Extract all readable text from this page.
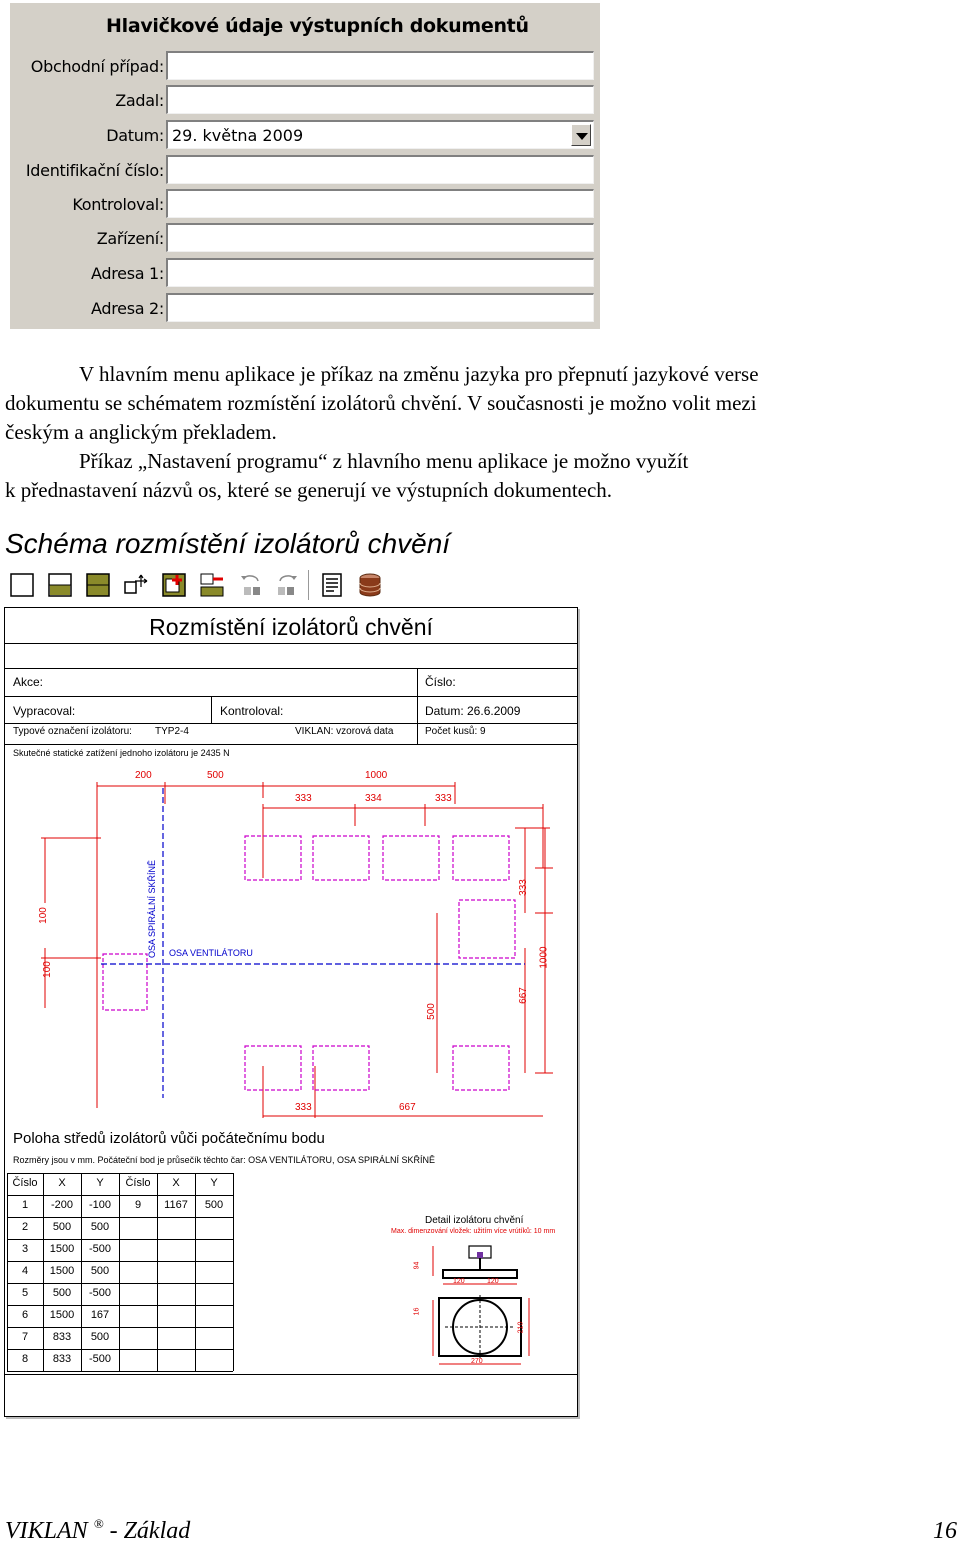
Hlavičkové údaje výstupních dokumentů
Obchodní případ:
Zadal:
Datum: 29. května 2009
Identifikační číslo:
Kontroloval:
Zařízení:
Adresa 1:
Adresa 2:
V hlavním menu aplikace je příkaz na změnu jazyka pro přepnutí jazykové verse
dokumentu se schématem rozmístění izolátorů chvění. V současnosti je možno volit mezi
českým a anglickým překladem.
Příkaz „Nastavení programu“ z hlavního menu aplikace je možno využít
k přednastavení názvů os, které se generují ve výstupních dokumentech.
Schéma rozmístění izolátorů chvění
Rozmístění izolátorů chvění
Akce:	Číslo:
Vypracoval:	Kontroloval:	Datum: 26.6.2009
Typové označení izolátoru: TYP2-4	VIKLAN: vzorová data	Počet kusů: 9
Skutečné statické zatížení jednoho izolátoru je 2435 N
200	500	1000
333	334	333
100
100
333
1000
667
500
333	667
OSA SPIRÁLNÍ SKŘÍNĚ OSA VENTILÁTORU
Poloha středů izolátorů vůči počátečnímu bodu
Rozměry jsou v mm. Počáteční bod je průsečík těchto čar: OSA VENTILÁTORU, OSA SPIRÁLNÍ SKŘÍNĚ
Číslo	X	Y	Číslo	X	Y
1	-200	-100	9	1167	500
2	500	500
3	1500	-500
4	1500	500
5	500	-500
6	1500	167
7	833	500
8	833	-500
Detail izolátoru chvění
Max. dimenzování vložek: užitím více vrútíků: 10 mm
94
120	120
16
210
270
VIKLAN ® - Základ	16
